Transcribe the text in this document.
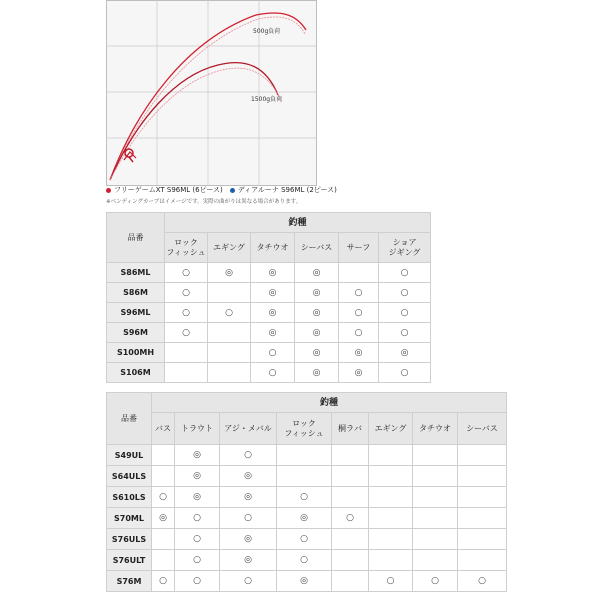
500g負荷
1500g負荷
フリーゲームXT S96ML (6ピース) ディアルーナ S96ML (2ピース)
※ベンディングカーブはイメージです。実際の曲がりは異なる場合があります。
品番	釣種					
	ロック
フィッシュ	エギング	タチウオ	シーバス	サーフ	ショア
ジギング
S86ML	○	◎	◎	◎		○
S86M	○		◎	◎	○	○
S96ML	○	○	◎	◎	○	○
S96M	○		◎	◎	○	○
S100MH			○	◎	◎	◎
S106M			○	◎	◎	○
品番	釣種							
	バス	トラウト	アジ・メバル	ロック
フィッシュ	桐ラバ	エギング	タチウオ	シーバス
S49UL		◎	○					
S64ULS		◎	◎					
S610LS	○	◎	◎	○				
S70ML	◎	○	○	◎	○			
S76ULS		○	◎	○				
S76ULT		○	◎	○				
S76M	○	○	○	◎		○	○	○
